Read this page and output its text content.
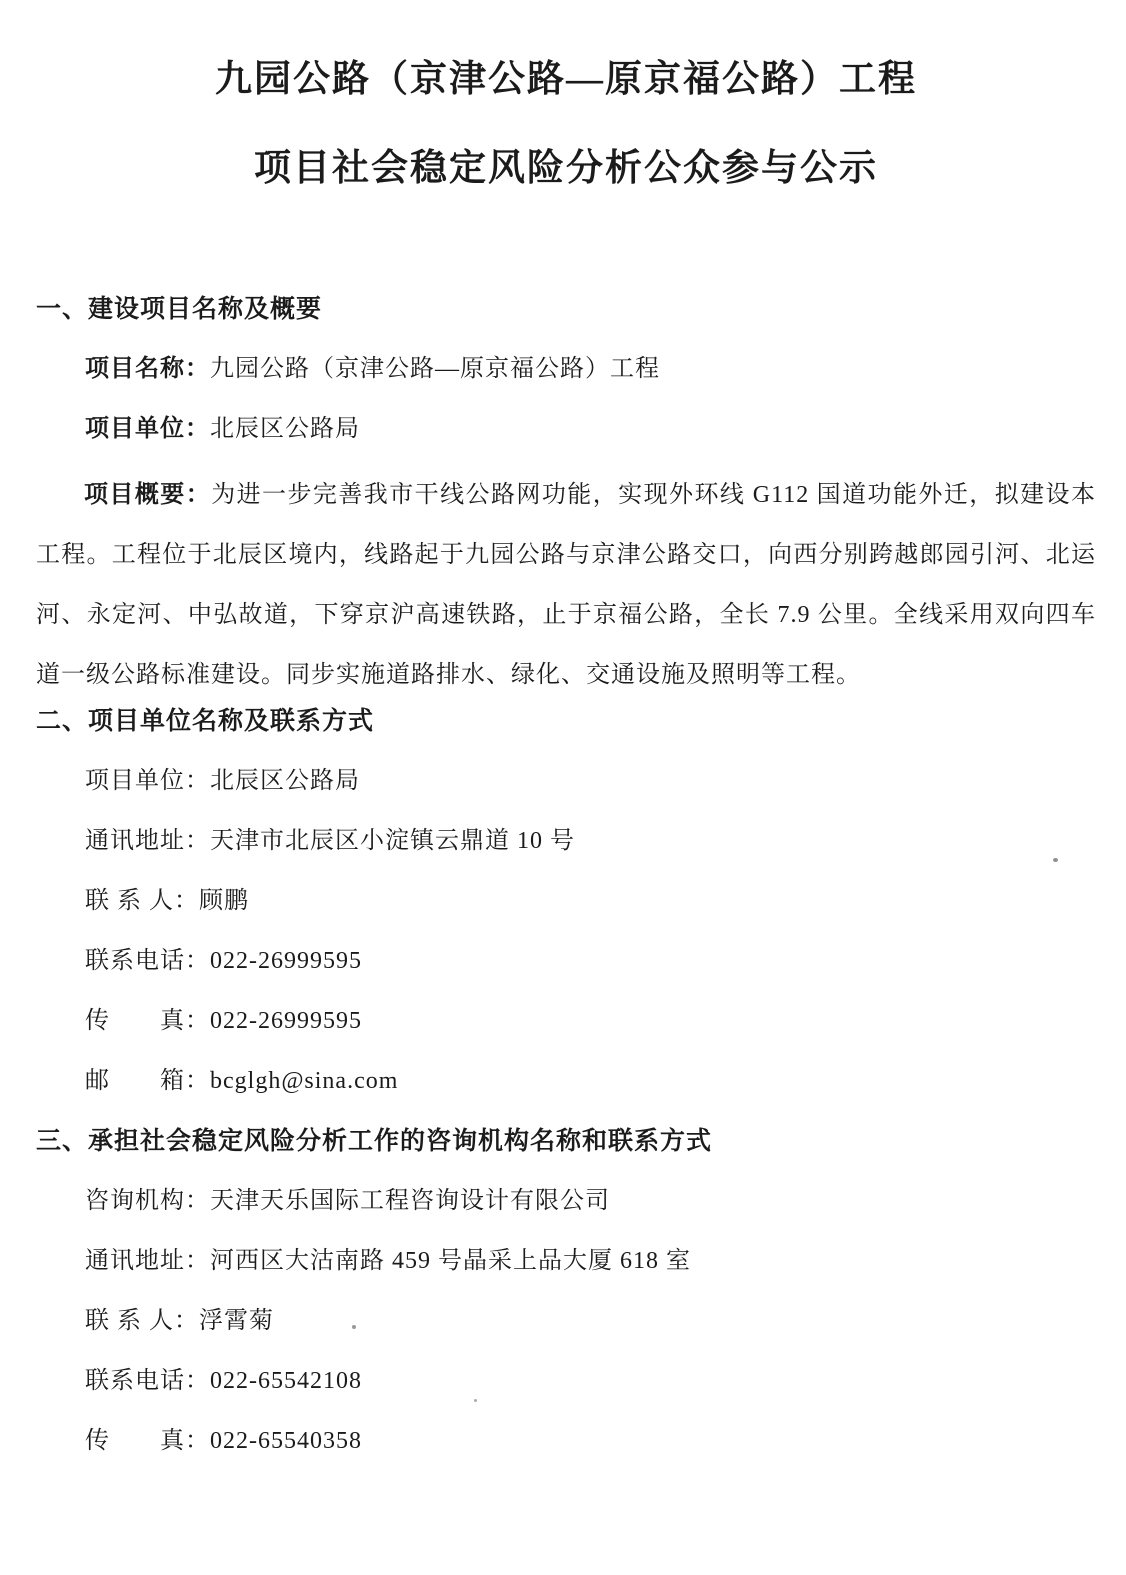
九园公路（京津公路—原京福公路）工程
项目社会稳定风险分析公众参与公示
一、建设项目名称及概要
项目名称：九园公路（京津公路—原京福公路）工程
项目单位：北辰区公路局

项目概要：为进一步完善我市干线公路网功能，实现外环线 G112 国道功能外迁，拟建设本工程。工程位于北辰区境内，线路起于九园公路与京津公路交口，向西分别跨越郎园引河、北运河、永定河、中弘故道，下穿京沪高速铁路，止于京福公路，全长 7.9 公里。全线采用双向四车道一级公路标准建设。同步实施道路排水、绿化、交通设施及照明等工程。

二、项目单位名称及联系方式
项目单位：北辰区公路局
通讯地址：天津市北辰区小淀镇云鼎道 10 号
联 系 人：顾鹏
联系电话：022-26999595
传　　真：022-26999595
邮　　箱：bcglgh@sina.com
三、承担社会稳定风险分析工作的咨询机构名称和联系方式
咨询机构：天津天乐国际工程咨询设计有限公司
通讯地址：河西区大沽南路 459 号晶采上品大厦 618 室
联 系 人：浮霄菊
联系电话：022-65542108
传　　真：022-65540358
